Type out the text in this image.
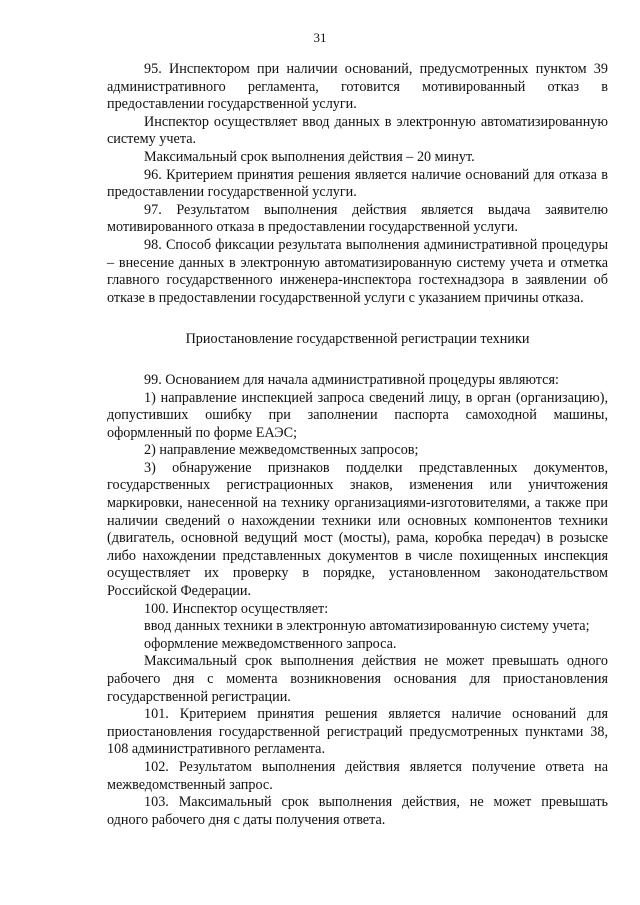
31

95. Инспектором при наличии оснований, предусмотренных пунктом 39 административного регламента, готовится мотивированный отказ в предоставлении государственной услуги.

Инспектор осуществляет ввод данных в электронную автоматизированную систему учета.

Максимальный срок выполнения действия – 20 минут.

96. Критерием принятия решения является наличие оснований для отказа в предоставлении государственной услуги.

97. Результатом выполнения действия является выдача заявителю мотивированного отказа в предоставлении государственной услуги.

98. Способ фиксации результата выполнения административной процедуры – внесение данных в электронную автоматизированную систему учета и отметка главного государственного инженера-инспектора гостехнадзора в заявлении об отказе в предоставлении государственной услуги с указанием причины отказа.

Приостановление государственной регистрации техники

99. Основанием для начала административной процедуры являются:

1) направление инспекцией запроса сведений лицу, в орган (организацию), допустивших ошибку при заполнении паспорта самоходной машины, оформленный по форме ЕАЭС;

2) направление межведомственных запросов;

3) обнаружение признаков подделки представленных документов, государственных регистрационных знаков, изменения или уничтожения маркировки, нанесенной на технику организациями-изготовителями, а также при наличии сведений о нахождении техники или основных компонентов техники (двигатель, основной ведущий мост (мосты), рама, коробка передач) в розыске либо нахождении представленных документов в числе похищенных инспекция осуществляет их проверку в порядке, установленном законодательством Российской Федерации.

100. Инспектор осуществляет:

ввод данных техники в электронную автоматизированную систему учета;

оформление межведомственного запроса.

Максимальный срок выполнения действия не может превышать одного рабочего дня с момента возникновения основания для приостановления государственной регистрации.

101. Критерием принятия решения является наличие оснований для приостановления государственной регистраций предусмотренных пунктами 38, 108 административного регламента.

102. Результатом выполнения действия является получение ответа на межведомственный запрос.

103. Максимальный срок выполнения действия, не может превышать одного рабочего дня с даты получения ответа.
